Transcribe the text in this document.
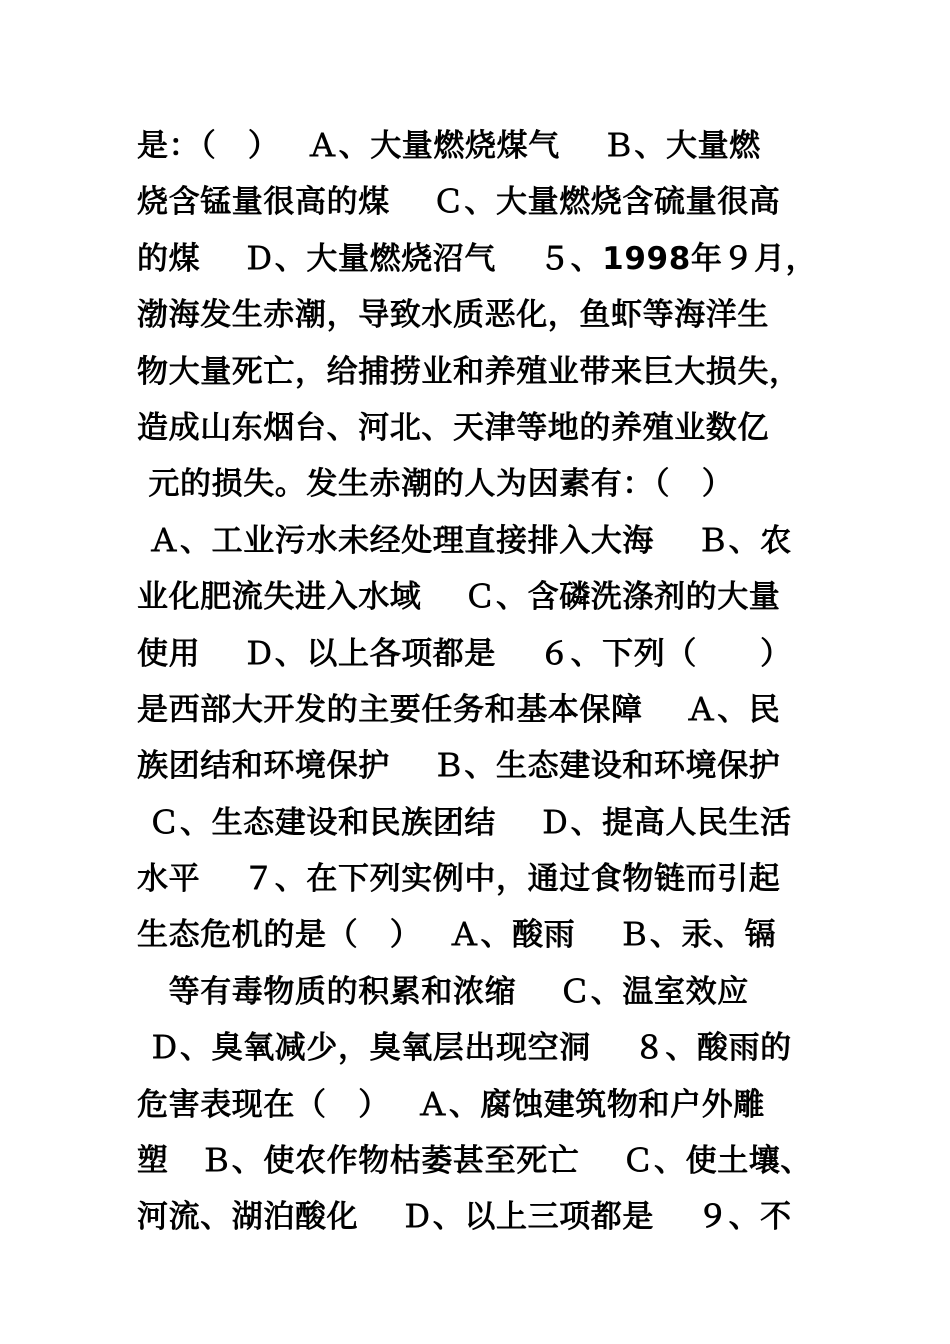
是：（　）　 Ａ、大量燃烧煤气　 Ｂ、大量燃
烧含锰量很高的煤　 Ｃ、大量燃烧含硫量很高
的煤　 Ｄ、大量燃烧沼气　 ５、1998年９月，
渤海发生赤潮，导致水质恶化，鱼虾等海洋生
物大量死亡，给捕捞业和养殖业带来巨大损失，
造成山东烟台、河北、天津等地的养殖业数亿
元的损失。发生赤潮的人为因素有：（　）
Ａ、工业污水未经处理直接排入大海　 Ｂ、农
业化肥流失进入水域　 Ｃ、含磷洗涤剂的大量
使用　 Ｄ、以上各项都是　 ６、下列（　　）
是西部大开发的主要任务和基本保障　 Ａ、民
族团结和环境保护　 Ｂ、生态建设和环境保护
Ｃ、生态建设和民族团结　 Ｄ、提高人民生活
水平　 ７、在下列实例中，通过食物链而引起
生态危机的是（　）　 Ａ、酸雨　 Ｂ、汞、镉
　等有毒物质的积累和浓缩　 Ｃ、温室效应
Ｄ、臭氧减少，臭氧层出现空洞　 ８、酸雨的
危害表现在（　）　 Ａ、腐蚀建筑物和户外雕
塑　Ｂ、使农作物枯萎甚至死亡　 Ｃ、使土壤、
河流、湖泊酸化　 Ｄ、以上三项都是　 ９、不
